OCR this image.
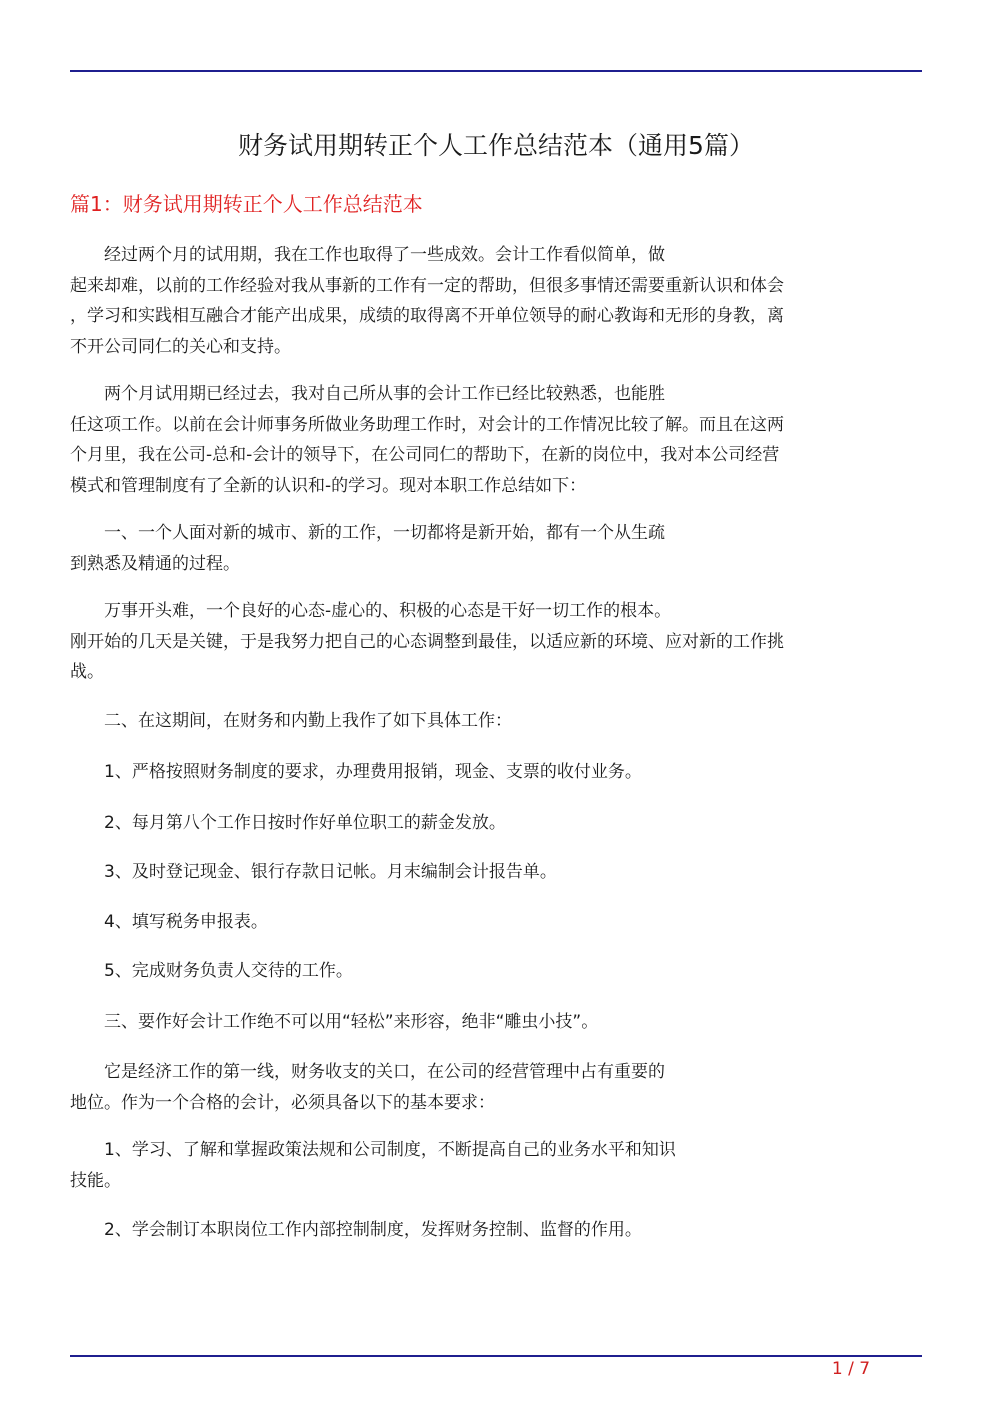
财务试用期转正个人工作总结范本（通用5篇）
篇1：财务试用期转正个人工作总结范本

　　经过两个月的试用期，我在工作也取得了一些成效。会计工作看似简单，做
起来却难，以前的工作经验对我从事新的工作有一定的帮助，但很多事情还需要重新认识和体会
，学习和实践相互融合才能产出成果，成绩的取得离不开单位领导的耐心教诲和无形的身教，离
不开公司同仁的关心和支持。

　　两个月试用期已经过去，我对自己所从事的会计工作已经比较熟悉，也能胜
任这项工作。以前在会计师事务所做业务助理工作时，对会计的工作情况比较了解。而且在这两
个月里，我在公司-总和-会计的领导下，在公司同仁的帮助下，在新的岗位中，我对本公司经营
模式和管理制度有了全新的认识和-的学习。现对本职工作总结如下：

　　一、一个人面对新的城市、新的工作，一切都将是新开始，都有一个从生疏
到熟悉及精通的过程。

　　万事开头难，一个良好的心态-虚心的、积极的心态是干好一切工作的根本。
刚开始的几天是关键，于是我努力把自己的心态调整到最佳，以适应新的环境、应对新的工作挑
战。

　　二、在这期间，在财务和内勤上我作了如下具体工作：

　　1、严格按照财务制度的要求，办理费用报销，现金、支票的收付业务。

　　2、每月第八个工作日按时作好单位职工的薪金发放。

　　3、及时登记现金、银行存款日记帐。月末编制会计报告单。

　　4、填写税务申报表。

　　5、完成财务负责人交待的工作。

　　三、要作好会计工作绝不可以用“轻松”来形容，绝非“雕虫小技”。

　　它是经济工作的第一线，财务收支的关口，在公司的经营管理中占有重要的
地位。作为一个合格的会计，必须具备以下的基本要求：

　　1、学习、了解和掌握政策法规和公司制度，不断提高自己的业务水平和知识
技能。

　　2、学会制订本职岗位工作内部控制制度，发挥财务控制、监督的作用。

1 / 7
